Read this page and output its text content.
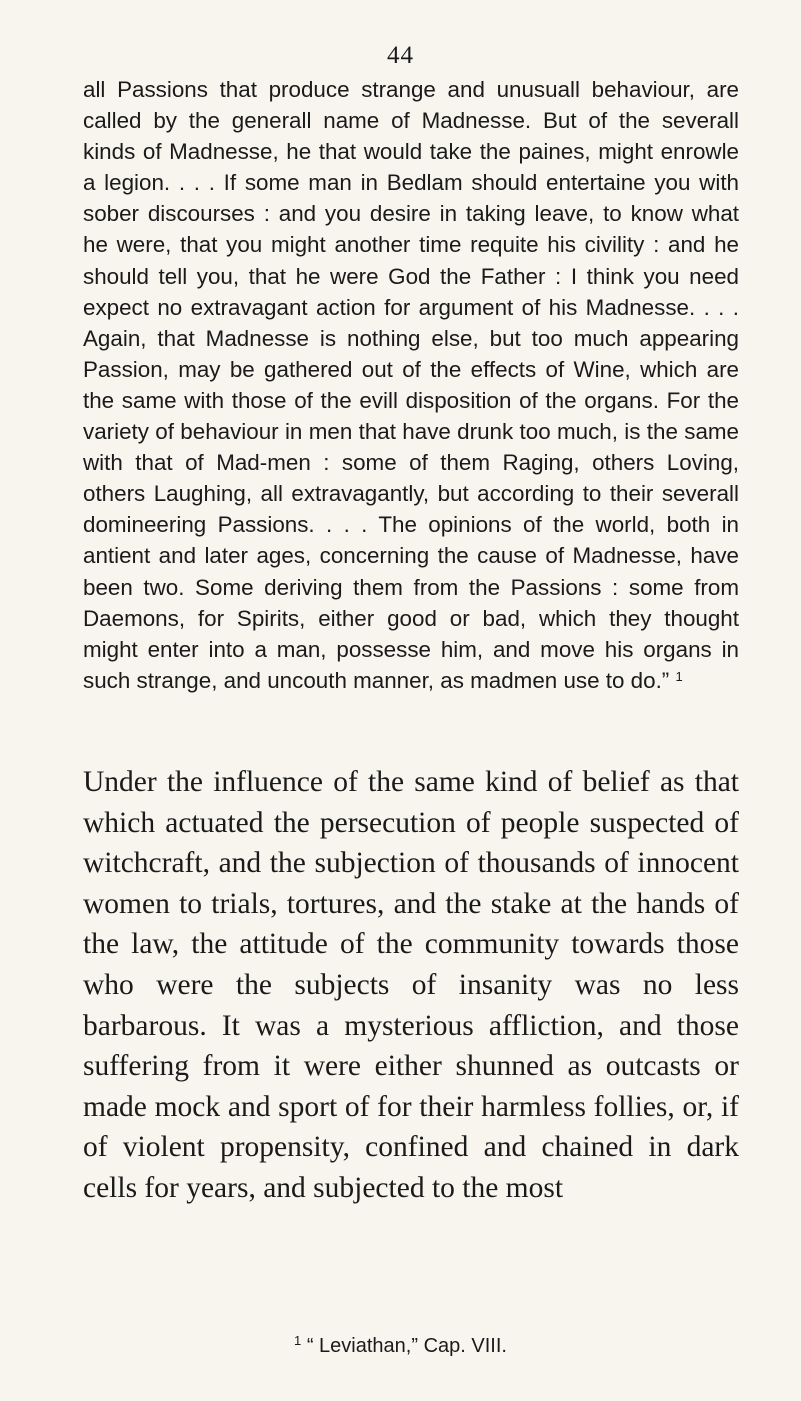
44

all Passions that produce strange and unusuall behaviour, are called by the generall name of Madnesse. But of the severall kinds of Madnesse, he that would take the paines, might enrowle a legion. . . . If some man in Bedlam should entertaine you with sober discourses : and you desire in taking leave, to know what he were, that you might another time requite his civility : and he should tell you, that he were God the Father : I think you need expect no extravagant action for argument of his Madnesse. . . . Again, that Madnesse is nothing else, but too much appearing Passion, may be gathered out of the effects of Wine, which are the same with those of the evill disposition of the organs. For the variety of behaviour in men that have drunk too much, is the same with that of Mad-men : some of them Raging, others Loving, others Laughing, all extravagantly, but according to their severall domineering Passions. . . . The opinions of the world, both in antient and later ages, concerning the cause of Madnesse, have been two. Some deriving them from the Passions : some from Daemons, for Spirits, either good or bad, which they thought might enter into a man, possesse him, and move his organs in such strange, and uncouth manner, as madmen use to do.” $^1$

Under the influence of the same kind of belief as that which actuated the persecution of people suspected of witchcraft, and the subjection of thousands of innocent women to trials, tortures, and the stake at the hands of the law, the attitude of the community towards those who were the subjects of insanity was no less barbarous. It was a mysterious affliction, and those suffering from it were either shunned as outcasts or made mock and sport of for their harmless follies, or, if of violent propensity, confined and chained in dark cells for years, and subjected to the most

$^1$ “ Leviathan,” Cap. VIII.
